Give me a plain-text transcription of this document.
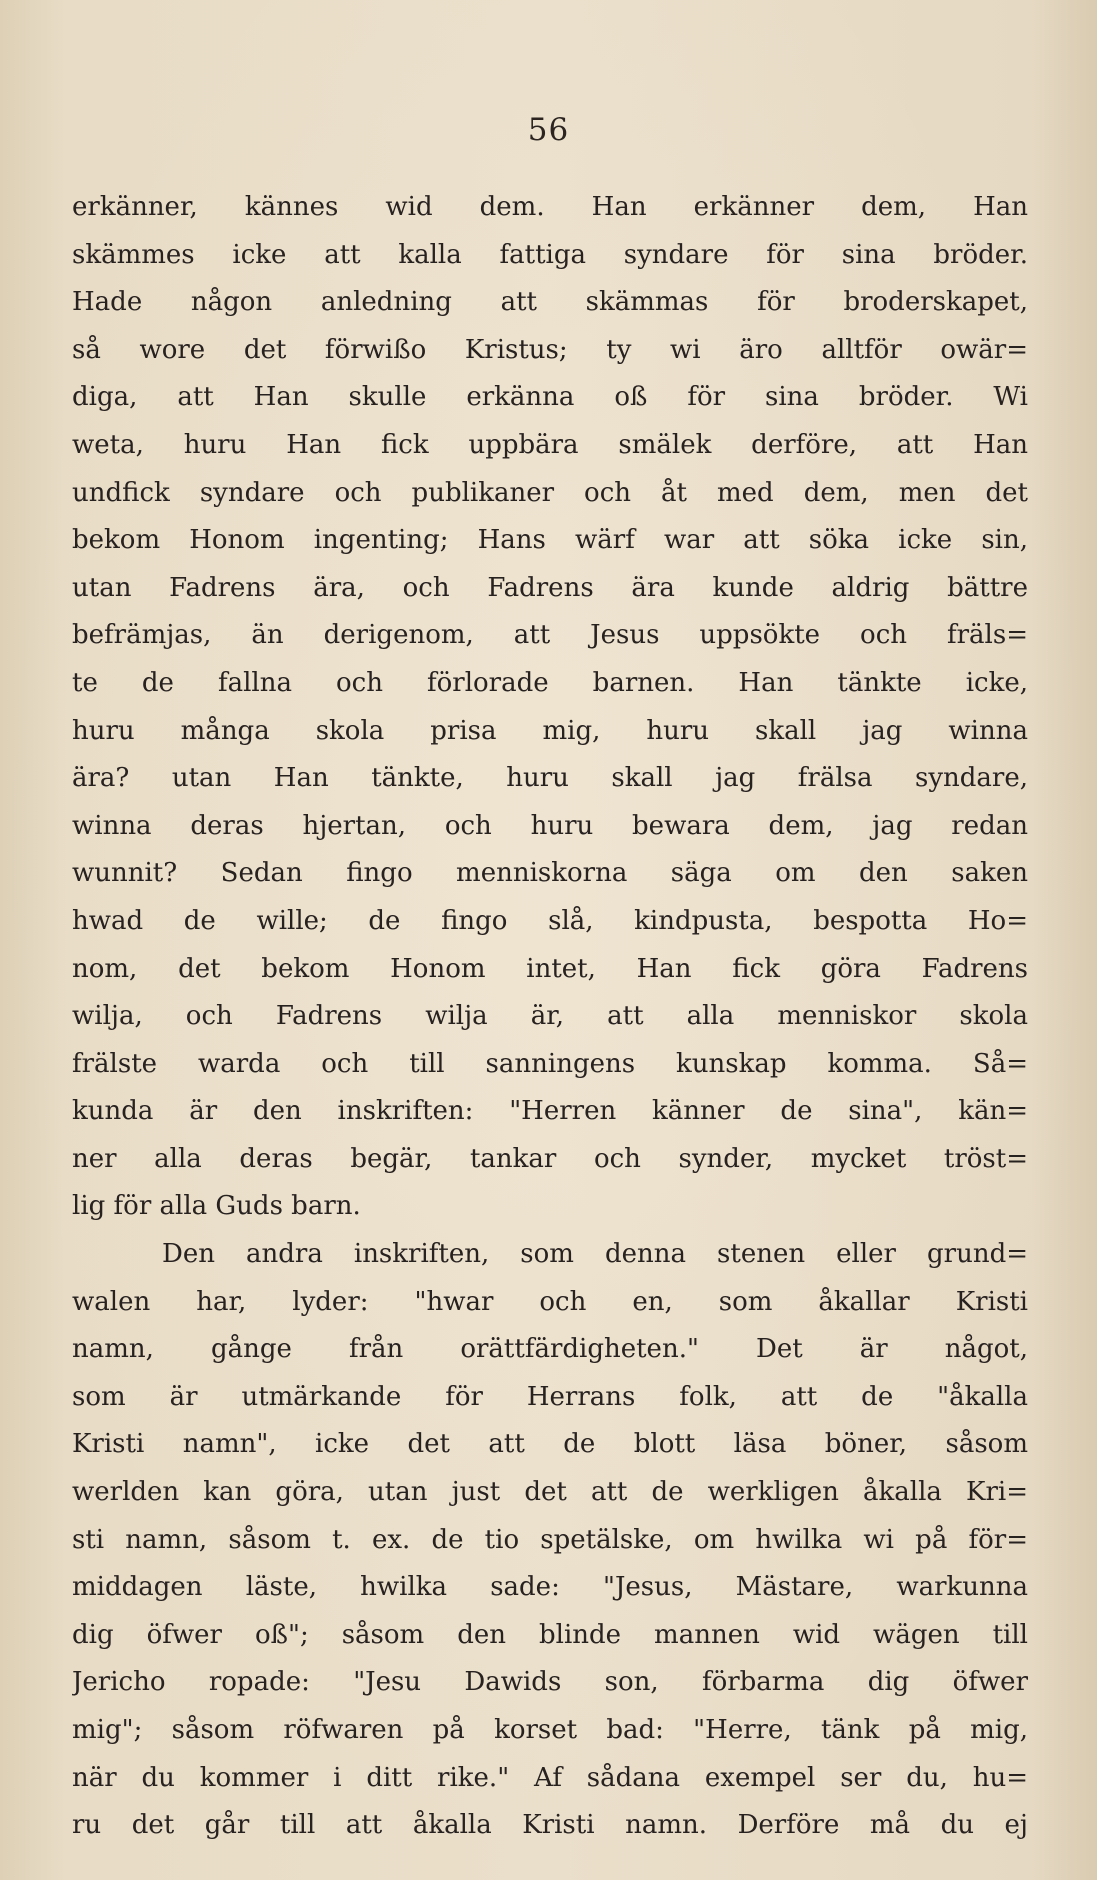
56
erkänner, kännes wid dem. Han erkänner dem, Han
skämmes icke att kalla fattiga syndare för sina bröder.
Hade någon anledning att skämmas för broderskapet,
så wore det förwißo Kristus; ty wi äro alltför owär=
diga, att Han skulle erkänna oß för sina bröder. Wi
weta, huru Han fick uppbära smälek derföre, att Han
undfick syndare och publikaner och åt med dem, men det
bekom Honom ingenting; Hans wärf war att söka icke sin,
utan Fadrens ära, och Fadrens ära kunde aldrig bättre
befrämjas, än derigenom, att Jesus uppsökte och fräls=
te de fallna och förlorade barnen. Han tänkte icke,
huru många skola prisa mig, huru skall jag winna
ära? utan Han tänkte, huru skall jag frälsa syndare,
winna deras hjertan, och huru bewara dem, jag redan
wunnit? Sedan fingo menniskorna säga om den saken
hwad de wille; de fingo slå, kindpusta, bespotta Ho=
nom, det bekom Honom intet, Han fick göra Fadrens
wilja, och Fadrens wilja är, att alla menniskor skola
frälste warda och till sanningens kunskap komma. Så=
kunda är den inskriften: "Herren känner de sina", kän=
ner alla deras begär, tankar och synder, mycket tröst=
lig för alla Guds barn.
Den andra inskriften, som denna stenen eller grund=
walen har, lyder: "hwar och en, som åkallar Kristi
namn, gånge från orättfärdigheten." Det är något,
som är utmärkande för Herrans folk, att de "åkalla
Kristi namn", icke det att de blott läsa böner, såsom
werlden kan göra, utan just det att de werkligen åkalla Kri=
sti namn, såsom t. ex. de tio spetälske, om hwilka wi på för=
middagen läste, hwilka sade: "Jesus, Mästare, warkunna
dig öfwer oß"; såsom den blinde mannen wid wägen till
Jericho ropade: "Jesu Dawids son, förbarma dig öfwer
mig"; såsom röfwaren på korset bad: "Herre, tänk på mig,
när du kommer i ditt rike." Af sådana exempel ser du, hu=
ru det går till att åkalla Kristi namn. Derföre må du ej
